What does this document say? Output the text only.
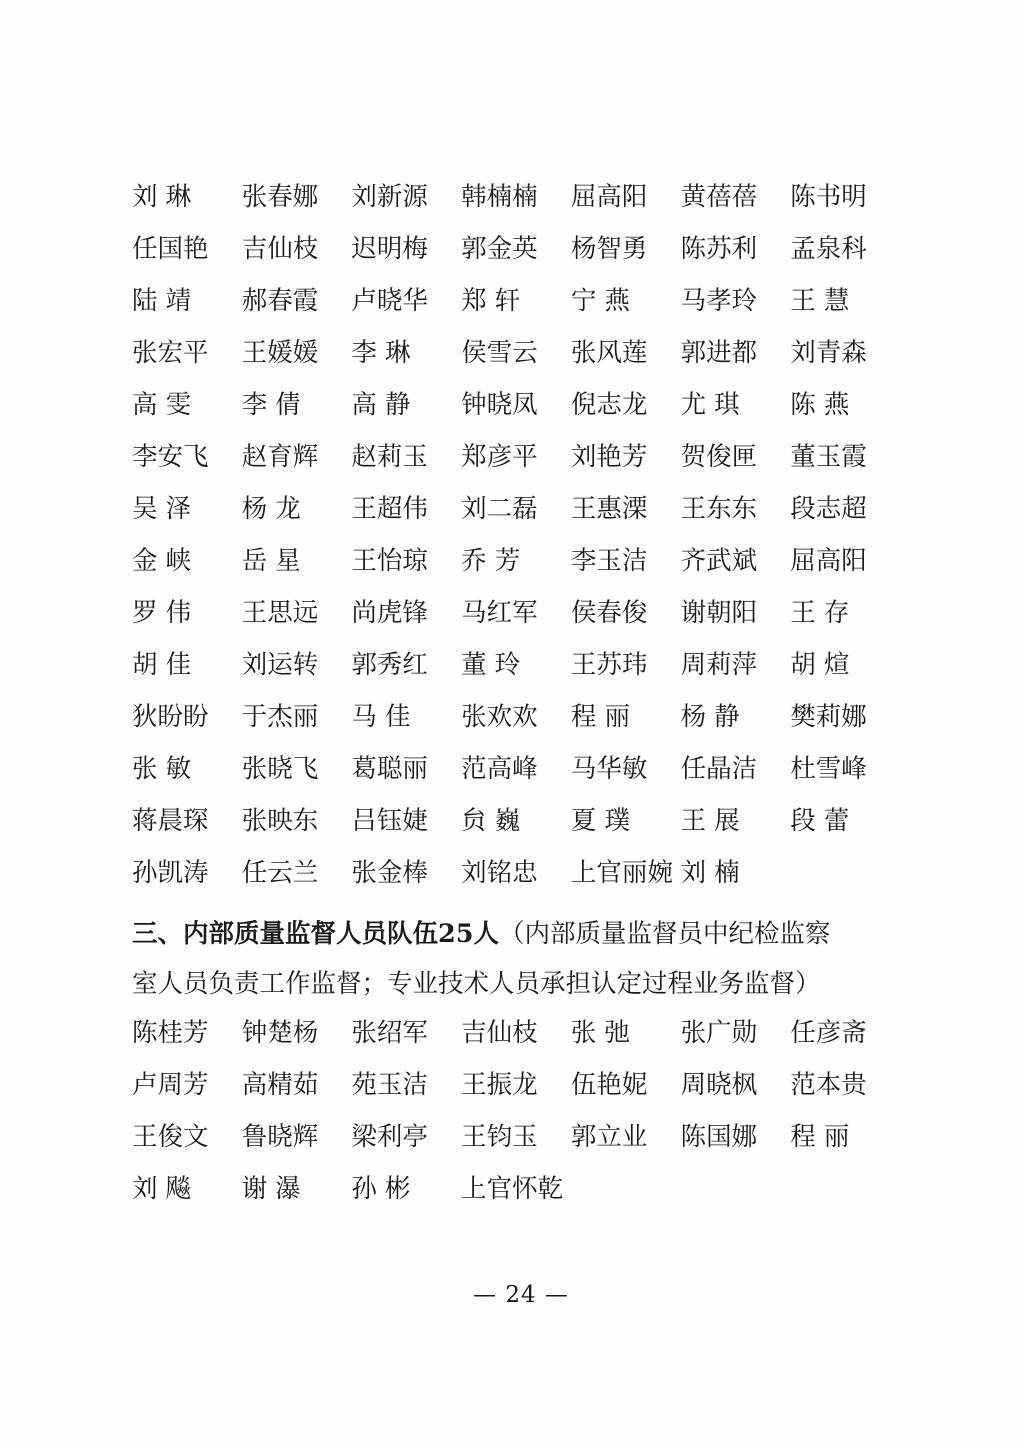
刘 琳	张春娜	刘新源	韩楠楠	屈高阳	黄蓓蓓	陈书明
任国艳	吉仙枝	迟明梅	郭金英	杨智勇	陈苏利	孟泉科
陆 靖	郝春霞	卢晓华	郑 轩	宁 燕	马孝玲	王 慧
张宏平	王媛媛	李 琳	侯雪云	张风莲	郭进都	刘青森
高 雯	李 倩	高 静	钟晓凤	倪志龙	尤 琪	陈 燕
李安飞	赵育辉	赵莉玉	郑彦平	刘艳芳	贺俊匣	董玉霞
吴 泽	杨 龙	王超伟	刘二磊	王惠溧	王东东	段志超
金 峡	岳 星	王怡琼	乔 芳	李玉洁	齐武斌	屈高阳
罗 伟	王思远	尚虎锋	马红军	侯春俊	谢朝阳	王 存
胡 佳	刘运转	郭秀红	董 玲	王苏玮	周莉萍	胡 煊
狄盼盼	于杰丽	马 佳	张欢欢	程 丽	杨 静	樊莉娜
张 敏	张晓飞	葛聪丽	范高峰	马华敏	任晶洁	杜雪峰
蒋晨琛	张映东	吕钰婕	贠 巍	夏 璞	王 展	段 蕾
孙凯涛	任云兰	张金棒	刘铭忠	上官丽婉 刘 楠
三、内部质量监督人员队伍25人（内部质量监督员中纪检监察
室人员负责工作监督；专业技术人员承担认定过程业务监督）
陈桂芳	钟楚杨	张绍军	吉仙枝	张 弛	张广勋	任彦斋
卢周芳	高精茹	苑玉洁	王振龙	伍艳妮	周晓枫	范本贵
王俊文	鲁晓辉	梁利亭	王钧玉	郭立业	陈国娜	程 丽
刘 飚	谢 瀑	孙 彬	上官怀乾
— 24 —
